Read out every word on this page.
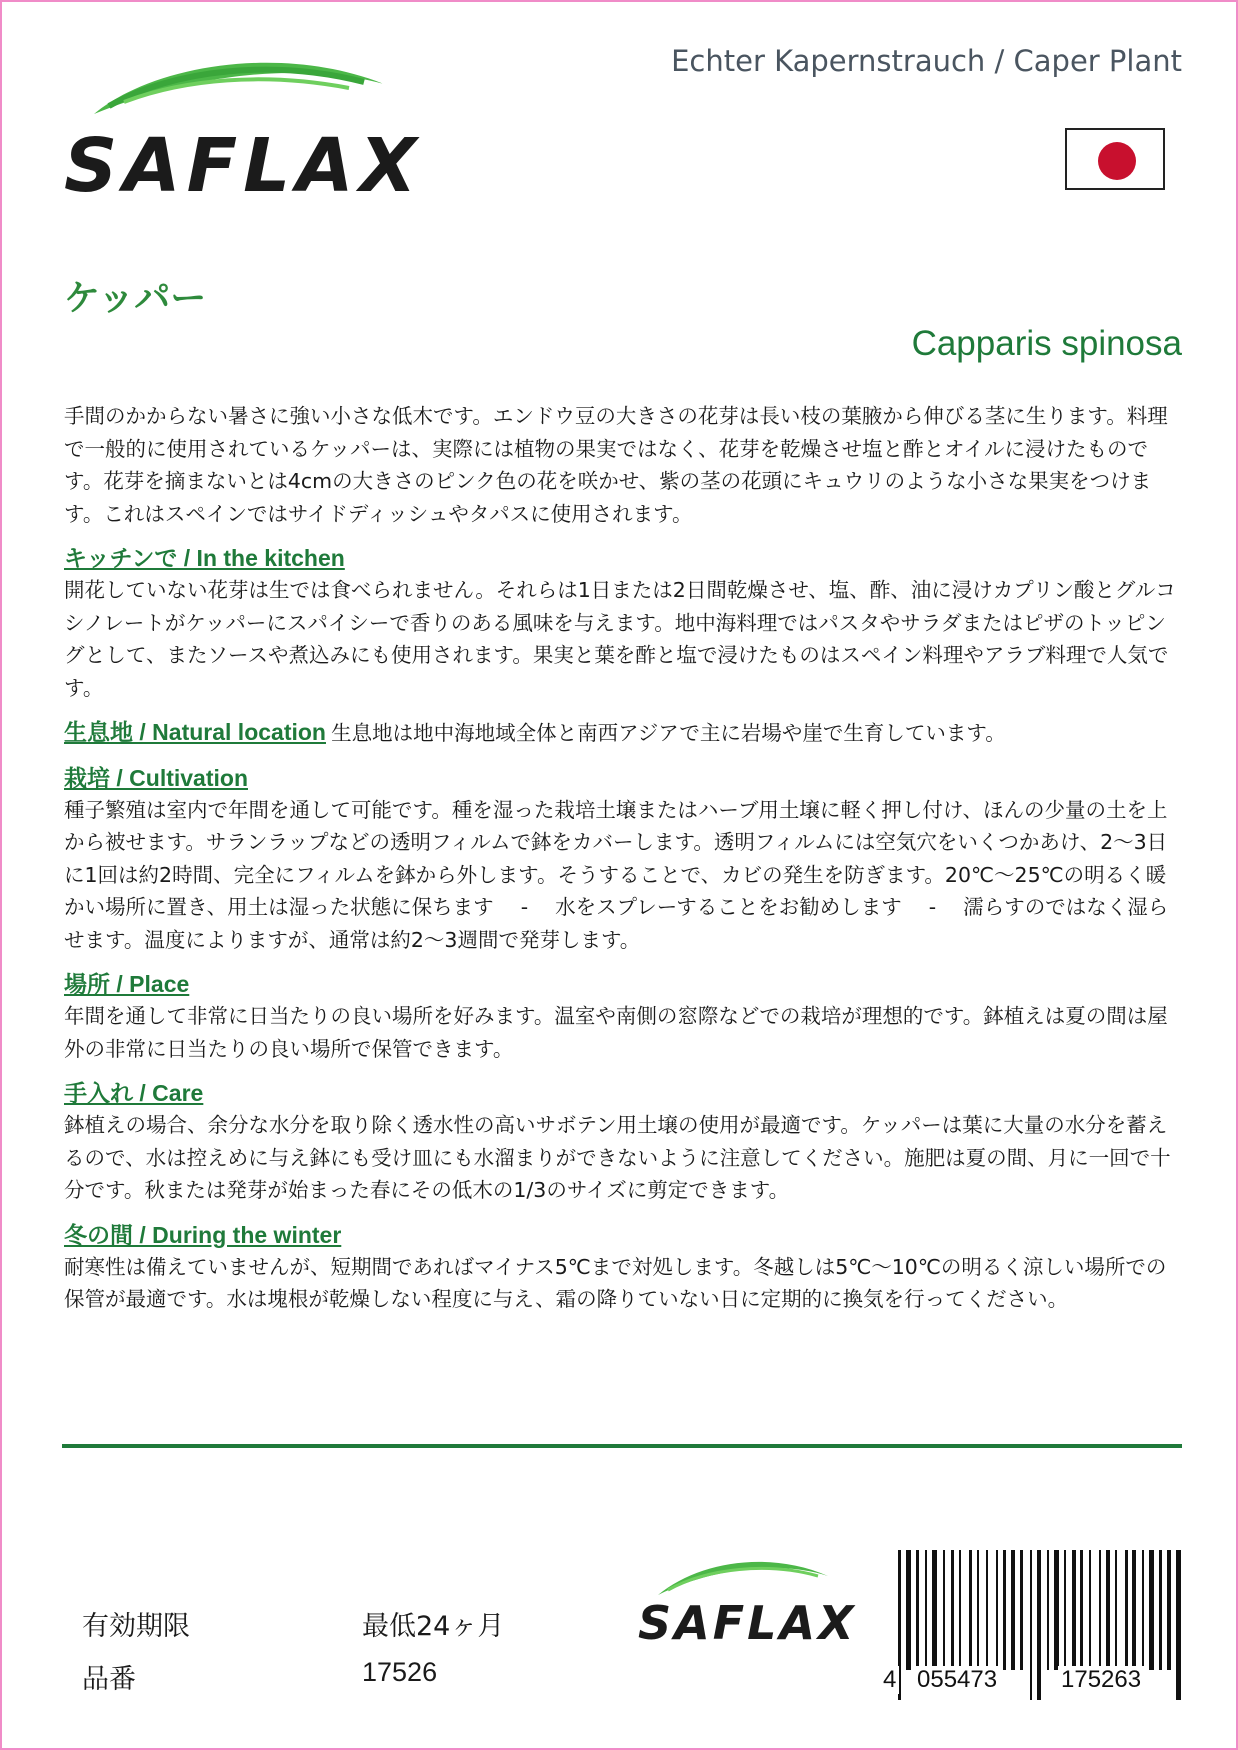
SAFLAX
Echter Kapernstrauch / Caper Plant
ケッパー
Capparis spinosa

手間のかからない暑さに強い小さな低木です。エンドウ豆の大きさの花芽は長い枝の葉腋から伸びる茎に生ります。料理で一般的に使用されているケッパーは、実際には植物の果実ではなく、花芽を乾燥させ塩と酢とオイルに浸けたものです。花芽を摘まないとは4cmの大きさのピンク色の花を咲かせ、紫の茎の花頭にキュウリのような小さな果実をつけます。これはスペインではサイドディッシュやタパスに使用されます。

キッチンで / In the kitchen

開花していない花芽は生では食べられません。それらは1日または2日間乾燥させ、塩、酢、油に浸けカプリン酸とグルコシノレートがケッパーにスパイシーで香りのある風味を与えます。地中海料理ではパスタやサラダまたはピザのトッピングとして、またソースや煮込みにも使用されます。果実と葉を酢と塩で浸けたものはスペイン料理やアラブ料理で人気です。

生息地 / Natural location 生息地は地中海地域全体と南西アジアで主に岩場や崖で生育しています。

栽培 / Cultivation

種子繁殖は室内で年間を通して可能です。種を湿った栽培土壌またはハーブ用土壌に軽く押し付け、ほんの少量の土を上から被せます。サランラップなどの透明フィルムで鉢をカバーします。透明フィルムには空気穴をいくつかあけ、2～3日に1回は約2時間、完全にフィルムを鉢から外します。そうすることで、カビの発生を防ぎます。20℃〜25℃の明るく暖かい場所に置き、用土は湿った状態に保ちます　 -　 水をスプレーすることをお勧めします　 -　 濡らすのではなく湿らせます。温度によりますが、通常は約2〜3週間で発芽します。

場所 / Place

年間を通して非常に日当たりの良い場所を好みます。温室や南側の窓際などでの栽培が理想的です。鉢植えは夏の間は屋外の非常に日当たりの良い場所で保管できます。

手入れ / Care

鉢植えの場合、余分な水分を取り除く透水性の高いサボテン用土壌の使用が最適です。ケッパーは葉に大量の水分を蓄えるので、水は控えめに与え鉢にも受け皿にも水溜まりができないように注意してください。施肥は夏の間、月に一回で十分です。秋または発芽が始まった春にその低木の1/3のサイズに剪定できます。

冬の間 / During the winter

耐寒性は備えていませんが、短期間であればマイナス5℃まで対処します。冬越しは5℃〜10℃の明るく涼しい場所での保管が最適です。水は塊根が乾燥しない程度に与え、霜の降りていない日に定期的に換気を行ってください。

有効期限	最低24ヶ月
品番	17526
SAFLAX
4 055473	175263
